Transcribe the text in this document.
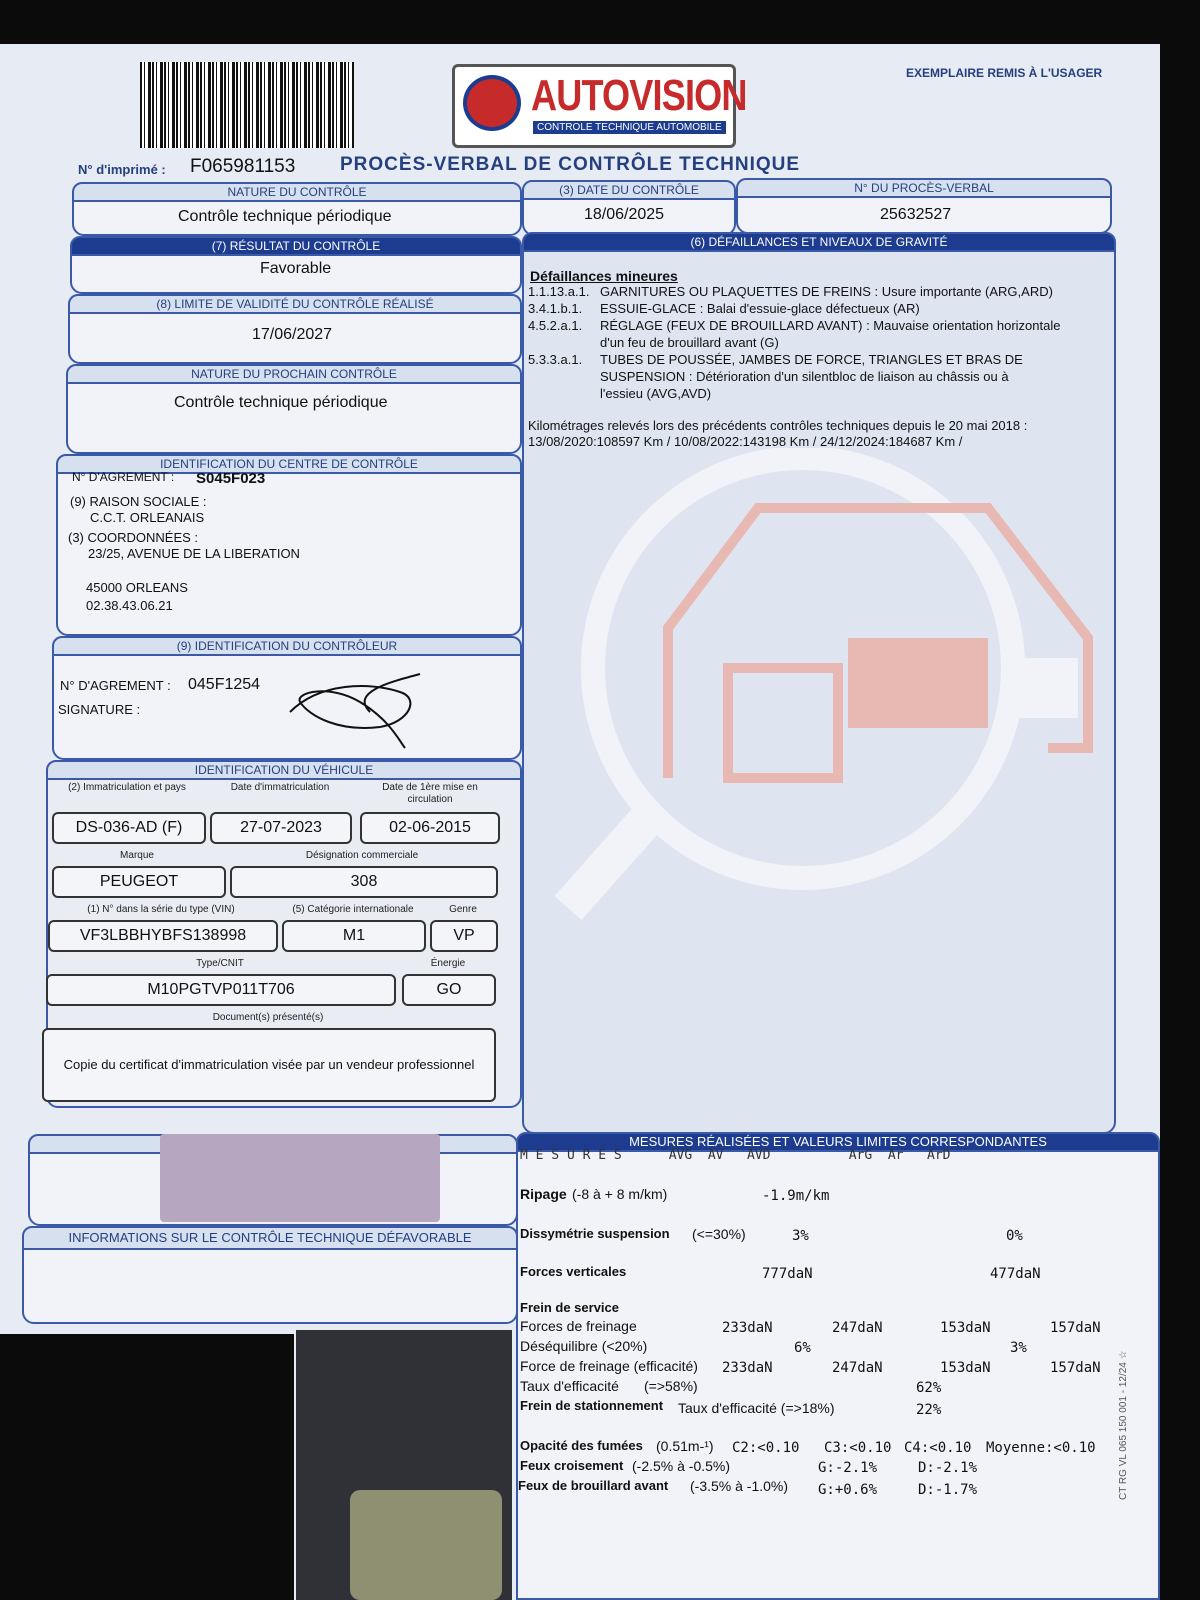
AUTOVISION
CONTROLE TECHNIQUE AUTOMOBILE
EXEMPLAIRE REMIS À L'USAGER
N° d'imprimé : F065981153 PROCÈS-VERBAL DE CONTRÔLE TECHNIQUE
NATURE DU CONTRÔLE
Contrôle technique périodique
(3) DATE DU CONTRÔLE
18/06/2025
N° DU PROCÈS-VERBAL
25632527
(7) RÉSULTAT DU CONTRÔLE
Favorable
(8) LIMITE DE VALIDITÉ DU CONTRÔLE RÉALISÉ
17/06/2027
NATURE DU PROCHAIN CONTRÔLE
Contrôle technique périodique
IDENTIFICATION DU CENTRE DE CONTRÔLE
N° D'AGREMENT : S045F023
(9) RAISON SOCIALE :
C.C.T. ORLEANAIS
(3) COORDONNÉES :
23/25, AVENUE DE LA LIBERATION
45000 ORLEANS
02.38.43.06.21
(9) IDENTIFICATION DU CONTRÔLEUR
N° D'AGREMENT : 045F1254
SIGNATURE :
IDENTIFICATION DU VÉHICULE
(2) Immatriculation et pays	Date d'immatriculation	Date de 1ère mise en
circulation
DS-036-AD (F)	27-07-2023	02-06-2015
Marque	Désignation commerciale
PEUGEOT	308
(1) N° dans la série du type (VIN)	(5) Catégorie internationale	Genre
VF3LBBHYBFS138998	M1	VP
Type/CNIT	Énergie
M10PGTVP011T706	GO
Document(s) présenté(s)
Copie du certificat d'immatriculation visée par un vendeur professionnel
INFORMATIONS SUR LE CONTRÔLE TECHNIQUE DÉFAVORABLE
(6) DÉFAILLANCES ET NIVEAUX DE GRAVITÉ
Défaillances mineures
1.1.13.a.1. GARNITURES OU PLAQUETTES DE FREINS : Usure importante (ARG,ARD)
3.4.1.b.1. ESSUIE-GLACE : Balai d'essuie-glace défectueux (AR)
4.5.2.a.1. RÉGLAGE (FEUX DE BROUILLARD AVANT) : Mauvaise orientation horizontale
d'un feu de brouillard avant (G)
5.3.3.a.1. TUBES DE POUSSÉE, JAMBES DE FORCE, TRIANGLES ET BRAS DE
SUSPENSION : Détérioration d'un silentbloc de liaison au châssis ou à
l'essieu (AVG,AVD)
Kilométrages relevés lors des précédents contrôles techniques depuis le 20 mai 2018 :
13/08/2020:108597 Km / 10/08/2022:143198 Km / 24/12/2024:184687 Km /
MESURES RÉALISÉES ET VALEURS LIMITES CORRESPONDANTES
M E S U R E S      AVG  AV   AVD          ArG  Ar   ArD
Ripage (-8 à + 8 m/km)	-1.9m/km
Dissymétrie suspension (<=30%)	3%	0%
Forces verticales	777daN	477daN
Frein de service
Forces de freinage	233daN	247daN	153daN	157daN
Déséquilibre (<20%)	6%	3%
Force de freinage (efficacité) 233daN	247daN	153daN	157daN
Taux d'efficacité (=>58%)	62%
Frein de stationnement Taux d'efficacité (=>18%)	22%
Opacité des fumées (0.51m-¹) C2:<0.10 C3:<0.10 C4:<0.10 Moyenne:<0.10
Feux croisement (-2.5% à -0.5%)	G:-2.1%	D:-2.1%
Feux de brouillard avant (-3.5% à -1.0%) G:+0.6%	D:-1.7%	CT RG VL 065 150 001 - 12/24 ☆
